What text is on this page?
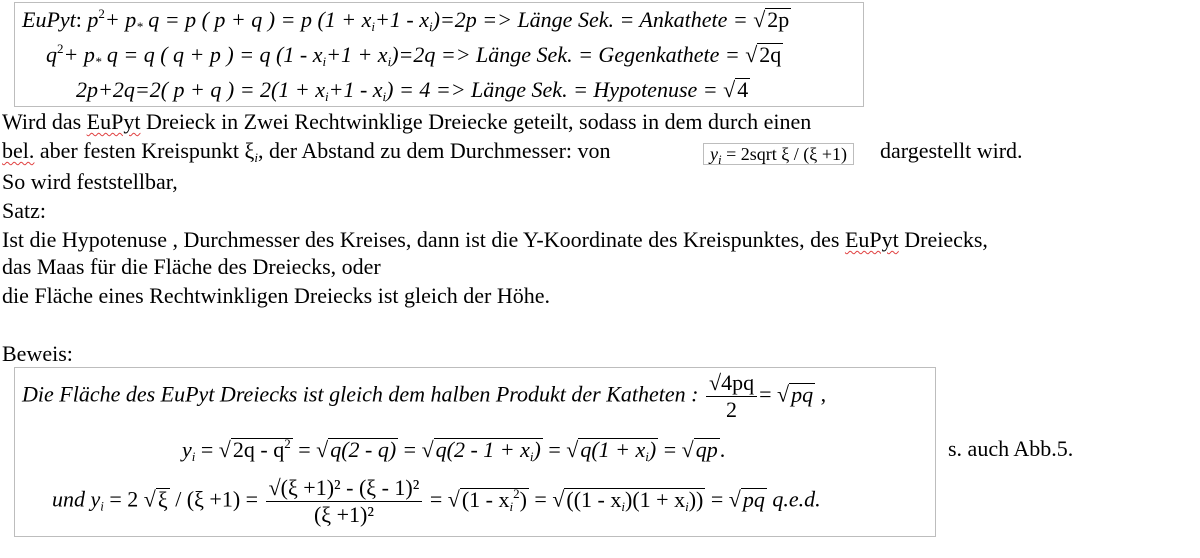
EuPyt: $p^2+ p_*$ q = p ( p + q ) = p $(1 + x_i+1 - x_i)=2p$ => Länge Sek. = Ankathete = √2p
$q^2+ p_*$ q = q ( q + p ) = q $(1 - x_i+1 + x_i)=2q$ => Länge Sek. = Gegenkathete = √2q
2p+2q=2( p + q ) = $2(1 + x_i+1 - x_i) = 4$ => Länge Sek. = Hypotenuse = √4
Wird das EuPyt Dreieck in Zwei Rechtwinklige Dreiecke geteilt, sodass in dem durch einen
bel. aber festen Kreispunkt $\xi_i$, der Abstand zu dem Durchmesser: von	$y_i$ = 2sqrt ξ / (ξ +1)	dargestellt wird.
So wird feststellbar,
Satz:
Ist die Hypotenuse , Durchmesser des Kreises, dann ist die Y-Koordinate des Kreispunktes, des EuPyt Dreiecks,
das Maas für die Fläche des Dreiecks, oder
die Fläche eines Rechtwinkligen Dreiecks ist gleich der Höhe.
Beweis:
Die Fläche des EuPyt Dreiecks ist gleich dem halben Produkt der Katheten : $\frac{√4pq}{2} = √pq$ ,
$y_i = √2q - q^2 = √q(2 - q) = √q(2 - 1 + x_i) = √q(1 + x_i) = √qp$.
und $y_i = 2$ $√\xi / (\xi +1) = \frac{\text{√(ξ +1)² - (ξ - 1)²}}{\text{(ξ +1)²}} = √(1 - x_i^2) = √((1 - x_i)(1 + x_i)) = √pq$ q.e.d.
s. auch Abb.5.
